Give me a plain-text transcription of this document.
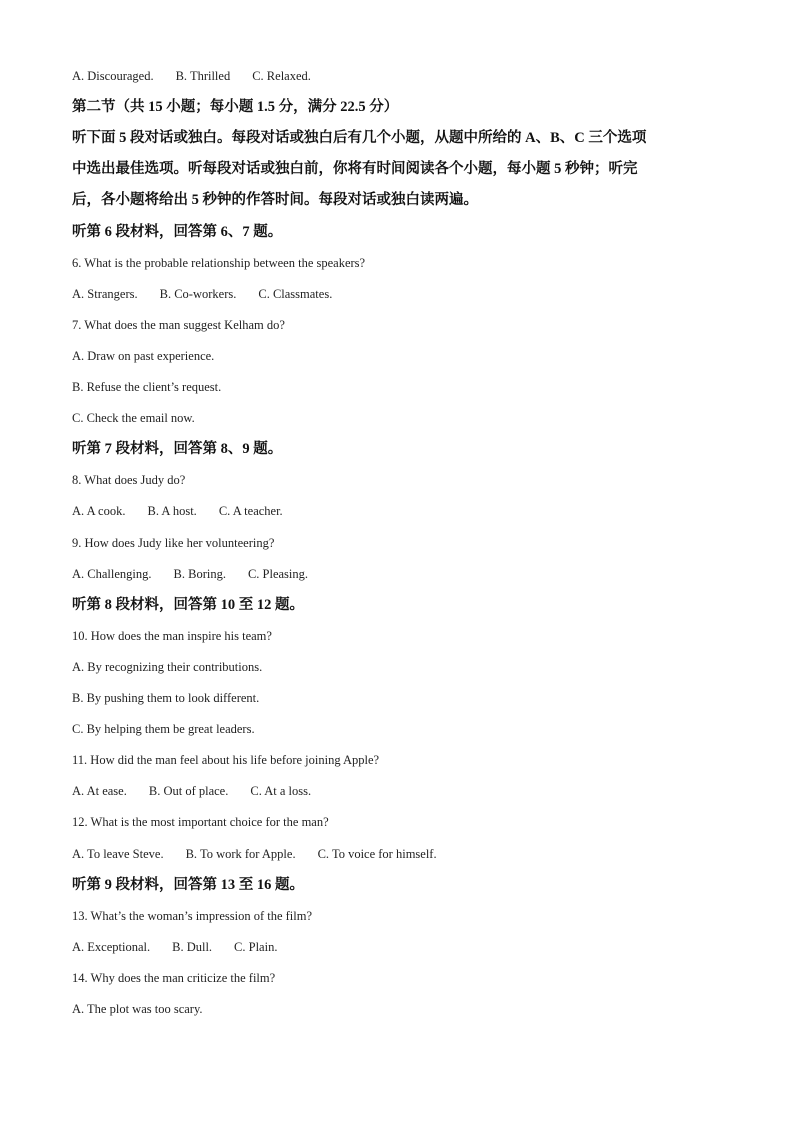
A. Discouraged. B. Thrilled C. Relaxed.
第二节（共 15 小题；每小题 1.5 分，满分 22.5 分）
听下面 5 段对话或独白。每段对话或独白后有几个小题，从题中所给的 A、B、C 三个选项
中选出最佳选项。听每段对话或独白前，你将有时间阅读各个小题，每小题 5 秒钟；听完
后，各小题将给出 5 秒钟的作答时间。每段对话或独白读两遍。
听第 6 段材料，回答第 6、7 题。
6. What is the probable relationship between the speakers?
A. Strangers. B. Co-workers. C. Classmates.
7. What does the man suggest Kelham do?
A. Draw on past experience.
B. Refuse the client’s request.
C. Check the email now.
听第 7 段材料，回答第 8、9 题。
8. What does Judy do?
A. A cook. B. A host. C. A teacher.
9. How does Judy like her volunteering?
A. Challenging. B. Boring. C. Pleasing.
听第 8 段材料，回答第 10 至 12 题。
10. How does the man inspire his team?
A. By recognizing their contributions.
B. By pushing them to look different.
C. By helping them be great leaders.
11. How did the man feel about his life before joining Apple?
A. At ease. B. Out of place. C. At a loss.
12. What is the most important choice for the man?
A. To leave Steve. B. To work for Apple. C. To voice for himself.
听第 9 段材料，回答第 13 至 16 题。
13. What’s the woman’s impression of the film?
A. Exceptional. B. Dull. C. Plain.
14. Why does the man criticize the film?
A. The plot was too scary.
